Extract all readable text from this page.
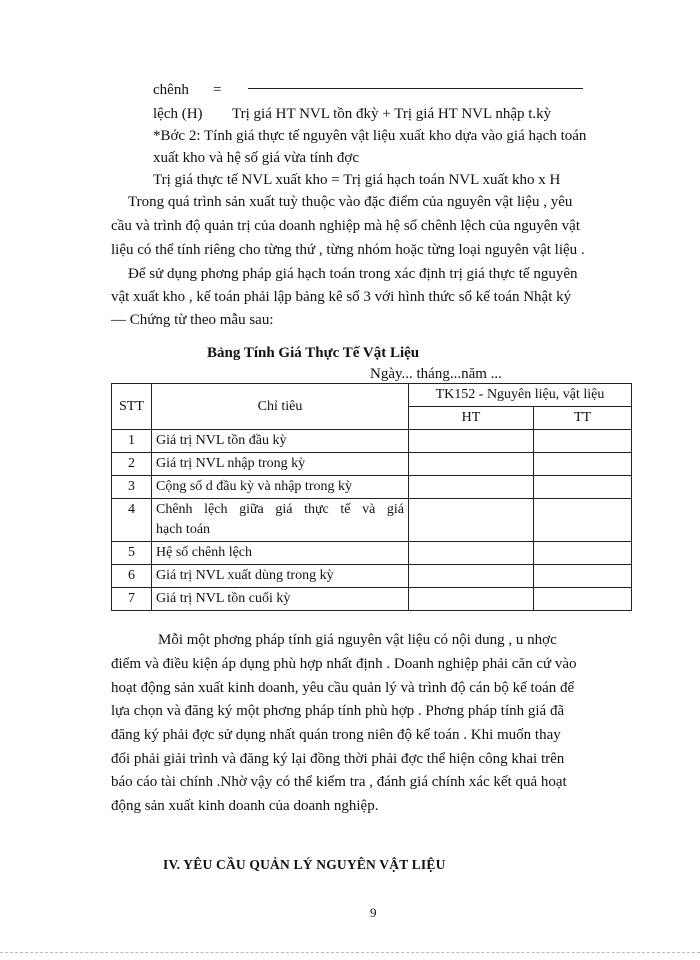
chênh =
lệch (H) Trị giá HT NVL tồn đkỳ + Trị giá HT NVL nhập t.kỳ
*Bớc 2: Tính giá thực tế nguyên vật liệu xuất kho dựa vào giá hạch toán
xuất kho và hệ số giá vừa tính đợc
Trị giá thực tế NVL xuất kho = Trị giá hạch toán NVL xuất kho x H
Trong quá trình sản xuất tuỳ thuộc vào đặc điểm của nguyên vật liệu , yêu
cầu và trình độ quản trị của doanh nghiệp mà hệ số chênh lệch của nguyên vật
liệu có thể tính riêng cho từng thứ , từng nhóm hoặc từng loại nguyên vật liệu .
Để sử dụng phơng pháp giá hạch toán trong xác định trị giá thực tế nguyên
vật xuất kho , kế toán phải lập bảng kê số 3 với hình thức sổ kế toán Nhật ký
— Chứng từ theo mẫu sau:
Bảng Tính Giá Thực Tế Vật Liệu
Ngày... tháng...năm ...
STT	Chỉ tiêu	TK152 - Nguyên liệu, vật liệu	
		HT	TT
1	Giá trị NVL tồn đầu kỳ		
2	Giá trị NVL nhập trong kỳ		
3	Cộng số d đầu kỳ và nhập trong kỳ		
4	Chênh lệch giữa giá thực tế và giá
hạch toán		

5	Hệ số chênh lệch		
6	Giá trị NVL xuất dùng trong kỳ		
7	Giá trị NVL tồn cuối kỳ		
Mỗi một phơng pháp tính giá nguyên vật liệu có nội dung , u nhợc
điểm và điều kiện áp dụng phù hợp nhất định . Doanh nghiệp phải căn cứ vào
hoạt động sản xuất kinh doanh, yêu cầu quản lý và trình độ cán bộ kế toán để
lựa chọn và đăng ký một phơng pháp tính phù hợp . Phơng pháp tính giá đã
đăng ký phải đợc sử dụng nhất quán trong niên độ kế toán . Khi muốn thay
đổi phải giải trình và đăng ký lại đồng thời phải đợc thể hiện công khai trên
báo cáo tài chính .Nhờ vậy có thể kiểm tra , đánh giá chính xác kết quả hoạt
động sản xuất kinh doanh của doanh nghiệp.
IV. YÊU CẦU QUẢN LÝ NGUYÊN VẬT LIỆU
9
